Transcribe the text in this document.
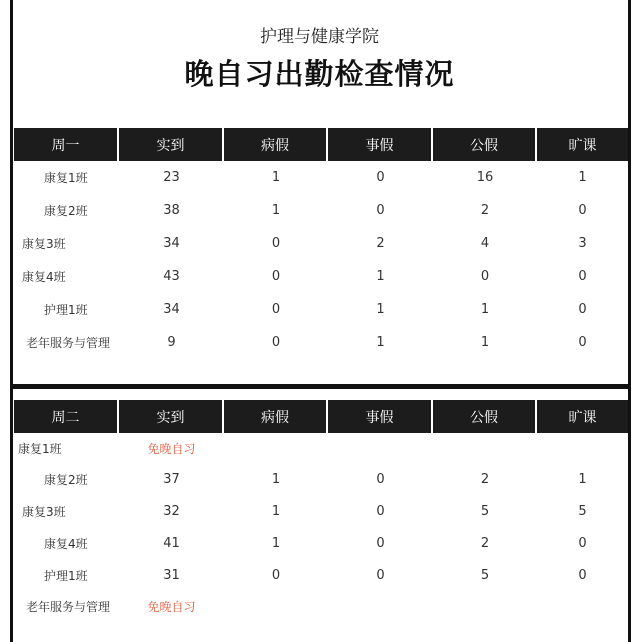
护理与健康学院
晚自习出勤检查情况
周一	实到	病假	事假	公假	旷课
康复1班	23	1	0	16	1
康复2班	38	1	0	2	0
康复3班	34	0	2	4	3
康复4班	43	0	1	0	0
护理1班	34	0	1	1	0
老年服务与管理	9	0	1	1	0
周二	实到	病假	事假	公假	旷课
康复1班	免晚自习
康复2班	37	1	0	2	1
康复3班	32	1	0	5	5
康复4班	41	1	0	2	0
护理1班	31	0	0	5	0
老年服务与管理	免晚自习
